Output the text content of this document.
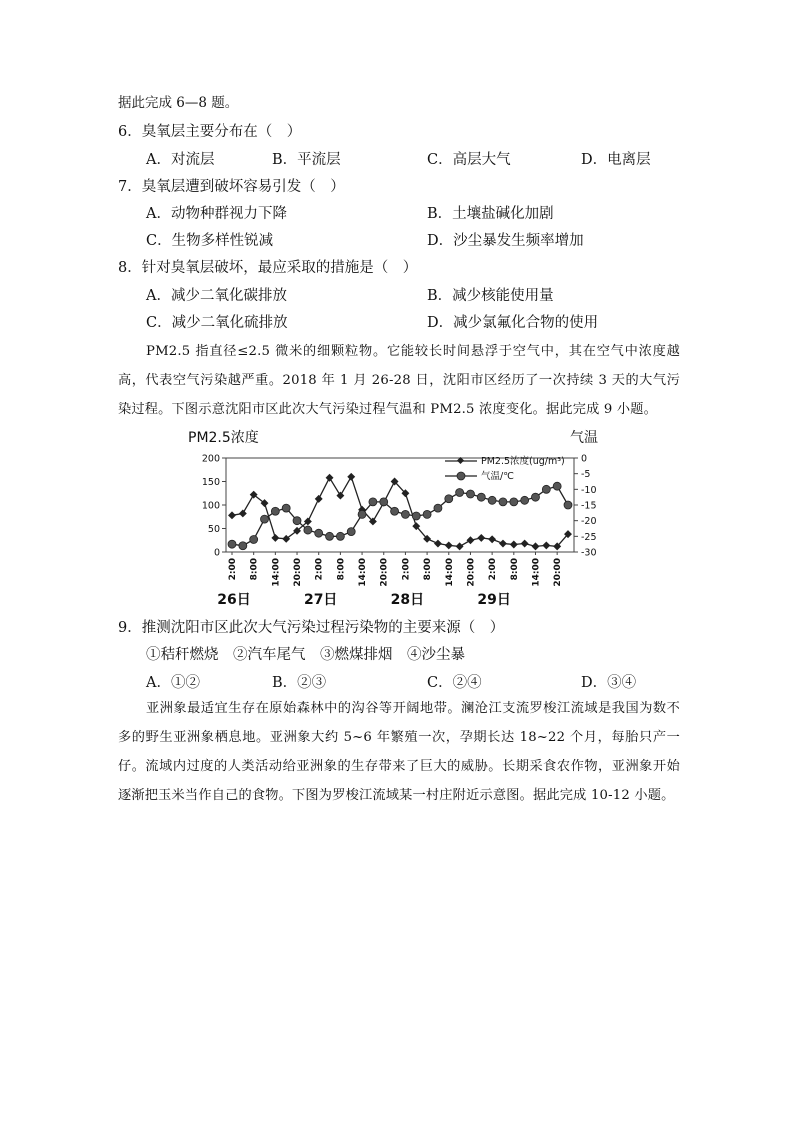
据此完成 6—8 题。
6．臭氧层主要分布在（　）
A．对流层	B．平流层	C．高层大气	D．电离层
7．臭氧层遭到破坏容易引发（　）
A．动物种群视力下降	B．土壤盐碱化加剧
C．生物多样性锐减	D．沙尘暴发生频率增加
8．针对臭氧层破坏，最应采取的措施是（　）
A．减少二氧化碳排放	B．减少核能使用量
C．减少二氧化硫排放	D．减少氯氟化合物的使用
PM2.5 指直径≤2.5 微米的细颗粒物。它能较长时间悬浮于空气中，其在空气中浓度越高，代表空气污染越严重。2018 年 1 月 26-28 日，沈阳市区经历了一次持续 3 天的大气污染过程。下图示意沈阳市区此次大气污染过程气温和 PM2.5 浓度变化。据此完成 9 小题。
PM2.5浓度	气温
0
50
100
150
200	0
-5
-10
-15
-20
-25
-30
2:00 8:00 14:00 20:00 2:00 8:00 14:00 20:00 2:00 8:00 14:00 20:00 2:00 8:00 14:00 20:00
26日	27日	28日	29日
PM2.5浓度(ug/m³)
气温/℃
9．推测沈阳市区此次大气污染过程污染物的主要来源（　）
①秸秆燃烧　②汽车尾气　③燃煤排烟　④沙尘暴
A．①②	B．②③	C．②④	D．③④
亚洲象最适宜生存在原始森林中的沟谷等开阔地带。澜沧江支流罗梭江流域是我国为数不多的野生亚洲象栖息地。亚洲象大约 5~6 年繁殖一次，孕期长达 18~22 个月，每胎只产一仔。流域内过度的人类活动给亚洲象的生存带来了巨大的威胁。长期采食农作物，亚洲象开始逐渐把玉米当作自己的食物。下图为罗梭江流域某一村庄附近示意图。据此完成 10-12 小题。
